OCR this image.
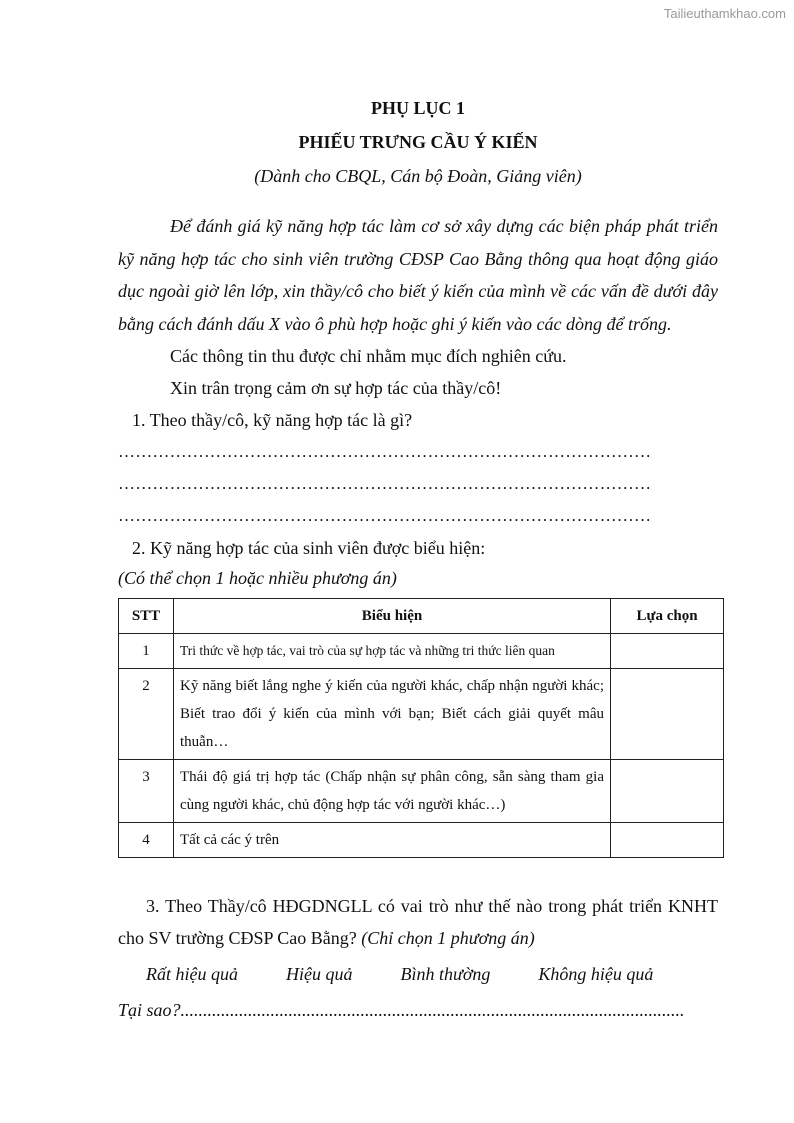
Tailieuthamkhao.com

PHỤ LỤC 1

PHIẾU TRƯNG CẦU Ý KIẾN

(Dành cho CBQL, Cán bộ Đoàn, Giảng viên)

Để đánh giá kỹ năng hợp tác làm cơ sở xây dựng các biện pháp phát triển kỹ năng hợp tác cho sinh viên trường CĐSP Cao Bằng thông qua hoạt động giáo dục ngoài giờ lên lớp, xin thầy/cô cho biết ý kiến của mình về các vấn đề dưới đây bằng cách đánh dấu X vào ô phù hợp hoặc ghi ý kiến vào các dòng để trống.

Các thông tin thu được chỉ nhằm mục đích nghiên cứu.

Xin trân trọng cảm ơn sự hợp tác của thầy/cô!

1. Theo thầy/cô, kỹ năng hợp tác là gì?

…………………………………………………………………………………

…………………………………………………………………………………

…………………………………………………………………………………

2. Kỹ năng hợp tác của sinh viên được biểu hiện:

(Có thể chọn 1 hoặc nhiều phương án)

STT	Biểu hiện	Lựa chọn
1	Tri thức về hợp tác, vai trò của sự hợp tác và những tri thức liên quan	
2	Kỹ năng biết lắng nghe ý kiến của người khác, chấp nhận người khác; Biết trao đổi ý kiến của mình với bạn; Biết cách giải quyết mâu thuẫn…	
3	Thái độ giá trị hợp tác (Chấp nhận sự phân công, sẵn sàng tham gia cùng người khác, chủ động hợp tác với người khác…)	
4	Tất cả các ý trên	

3. Theo Thầy/cô HĐGDNGLL có vai trò như thế nào trong phát triển KNHT cho SV trường CĐSP Cao Bằng? (Chỉ chọn 1 phương án)

Rất hiệu quả	Hiệu quả	Bình thường	Không hiệu quả

Tại sao?................................................................................................................
